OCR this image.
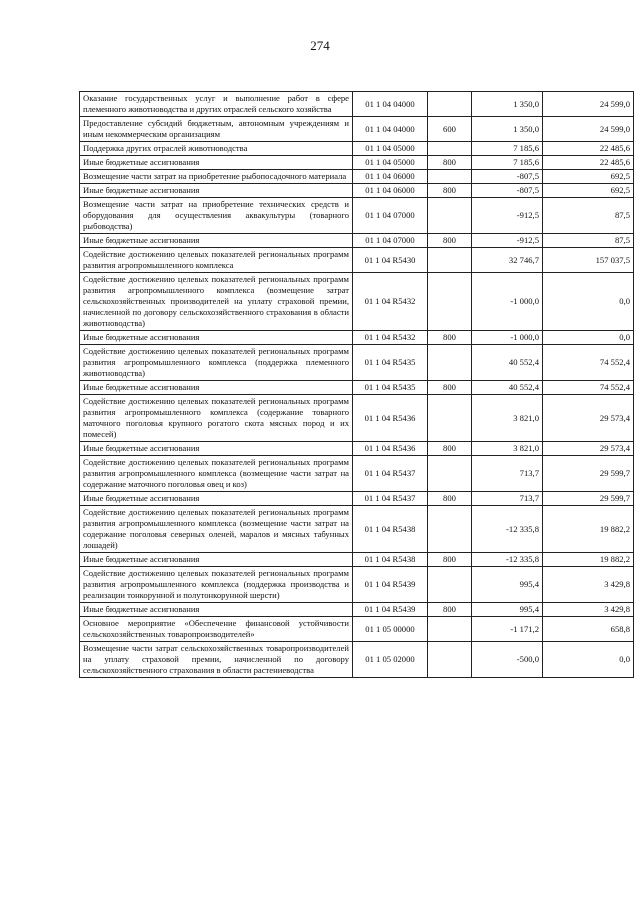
274
Оказание государственных услуг и выполнение работ в сфере племенного животноводства и других отраслей сельского хозяйства	01 1 04 04000		1 350,0	24 599,0
Предоставление субсидий бюджетным, автономным учреждениям и иным некоммерческим организациям	01 1 04 04000	600	1 350,0	24 599,0
Поддержка других отраслей животноводства	01 1 04 05000		7 185,6	22 485,6
Иные бюджетные ассигнования	01 1 04 05000	800	7 185,6	22 485,6
Возмещение части затрат на приобретение рыбопосадочного материала	01 1 04 06000		-807,5	692,5
Иные бюджетные ассигнования	01 1 04 06000	800	-807,5	692,5
Возмещение части затрат на приобретение технических средств и оборудования для осуществления аквакультуры (товарного рыбоводства)	01 1 04 07000		-912,5	87,5
Иные бюджетные ассигнования	01 1 04 07000	800	-912,5	87,5
Содействие достижению целевых показателей региональных программ развития агропромышленного комплекса	01 1 04 R5430		32 746,7	157 037,5
Содействие достижению целевых показателей региональных программ развития агропромышленного комплекса (возмещение затрат сельскохозяйственных производителей на уплату страховой премии, начисленной по договору сельскохозяйственного страхования в области животноводства)	01 1 04 R5432		-1 000,0	0,0
Иные бюджетные ассигнования	01 1 04 R5432	800	-1 000,0	0,0
Содействие достижению целевых показателей региональных программ развития агропромышленного комплекса (поддержка племенного животноводства)	01 1 04 R5435		40 552,4	74 552,4
Иные бюджетные ассигнования	01 1 04 R5435	800	40 552,4	74 552,4
Содействие достижению целевых показателей региональных программ развития агропромышленного комплекса (содержание товарного маточного поголовья крупного рогатого скота мясных пород и их помесей)	01 1 04 R5436		3 821,0	29 573,4
Иные бюджетные ассигнования	01 1 04 R5436	800	3 821,0	29 573,4
Содействие достижению целевых показателей региональных программ развития агропромышленного комплекса (возмещение части затрат на содержание маточного поголовья овец и коз)	01 1 04 R5437		713,7	29 599,7
Иные бюджетные ассигнования	01 1 04 R5437	800	713,7	29 599,7
Содействие достижению целевых показателей региональных программ развития агропромышленного комплекса (возмещение части затрат на содержание поголовья северных оленей, маралов и мясных табунных лошадей)	01 1 04 R5438		-12 335,8	19 882,2
Иные бюджетные ассигнования	01 1 04 R5438	800	-12 335,8	19 882,2
Содействие достижению целевых показателей региональных программ развития агропромышленного комплекса (поддержка производства и реализации тонкорунной и полутонкорунной шерсти)	01 1 04 R5439		995,4	3 429,8
Иные бюджетные ассигнования	01 1 04 R5439	800	995,4	3 429,8
Основное мероприятие «Обеспечение финансовой устойчивости сельскохозяйственных товаропроизводителей»	01 1 05 00000		-1 171,2	658,8
Возмещение части затрат сельскохозяйственных товаропроизводителей на уплату страховой премии, начисленной по договору сельскохозяйственного страхования в области растениеводства	01 1 05 02000		-500,0	0,0
